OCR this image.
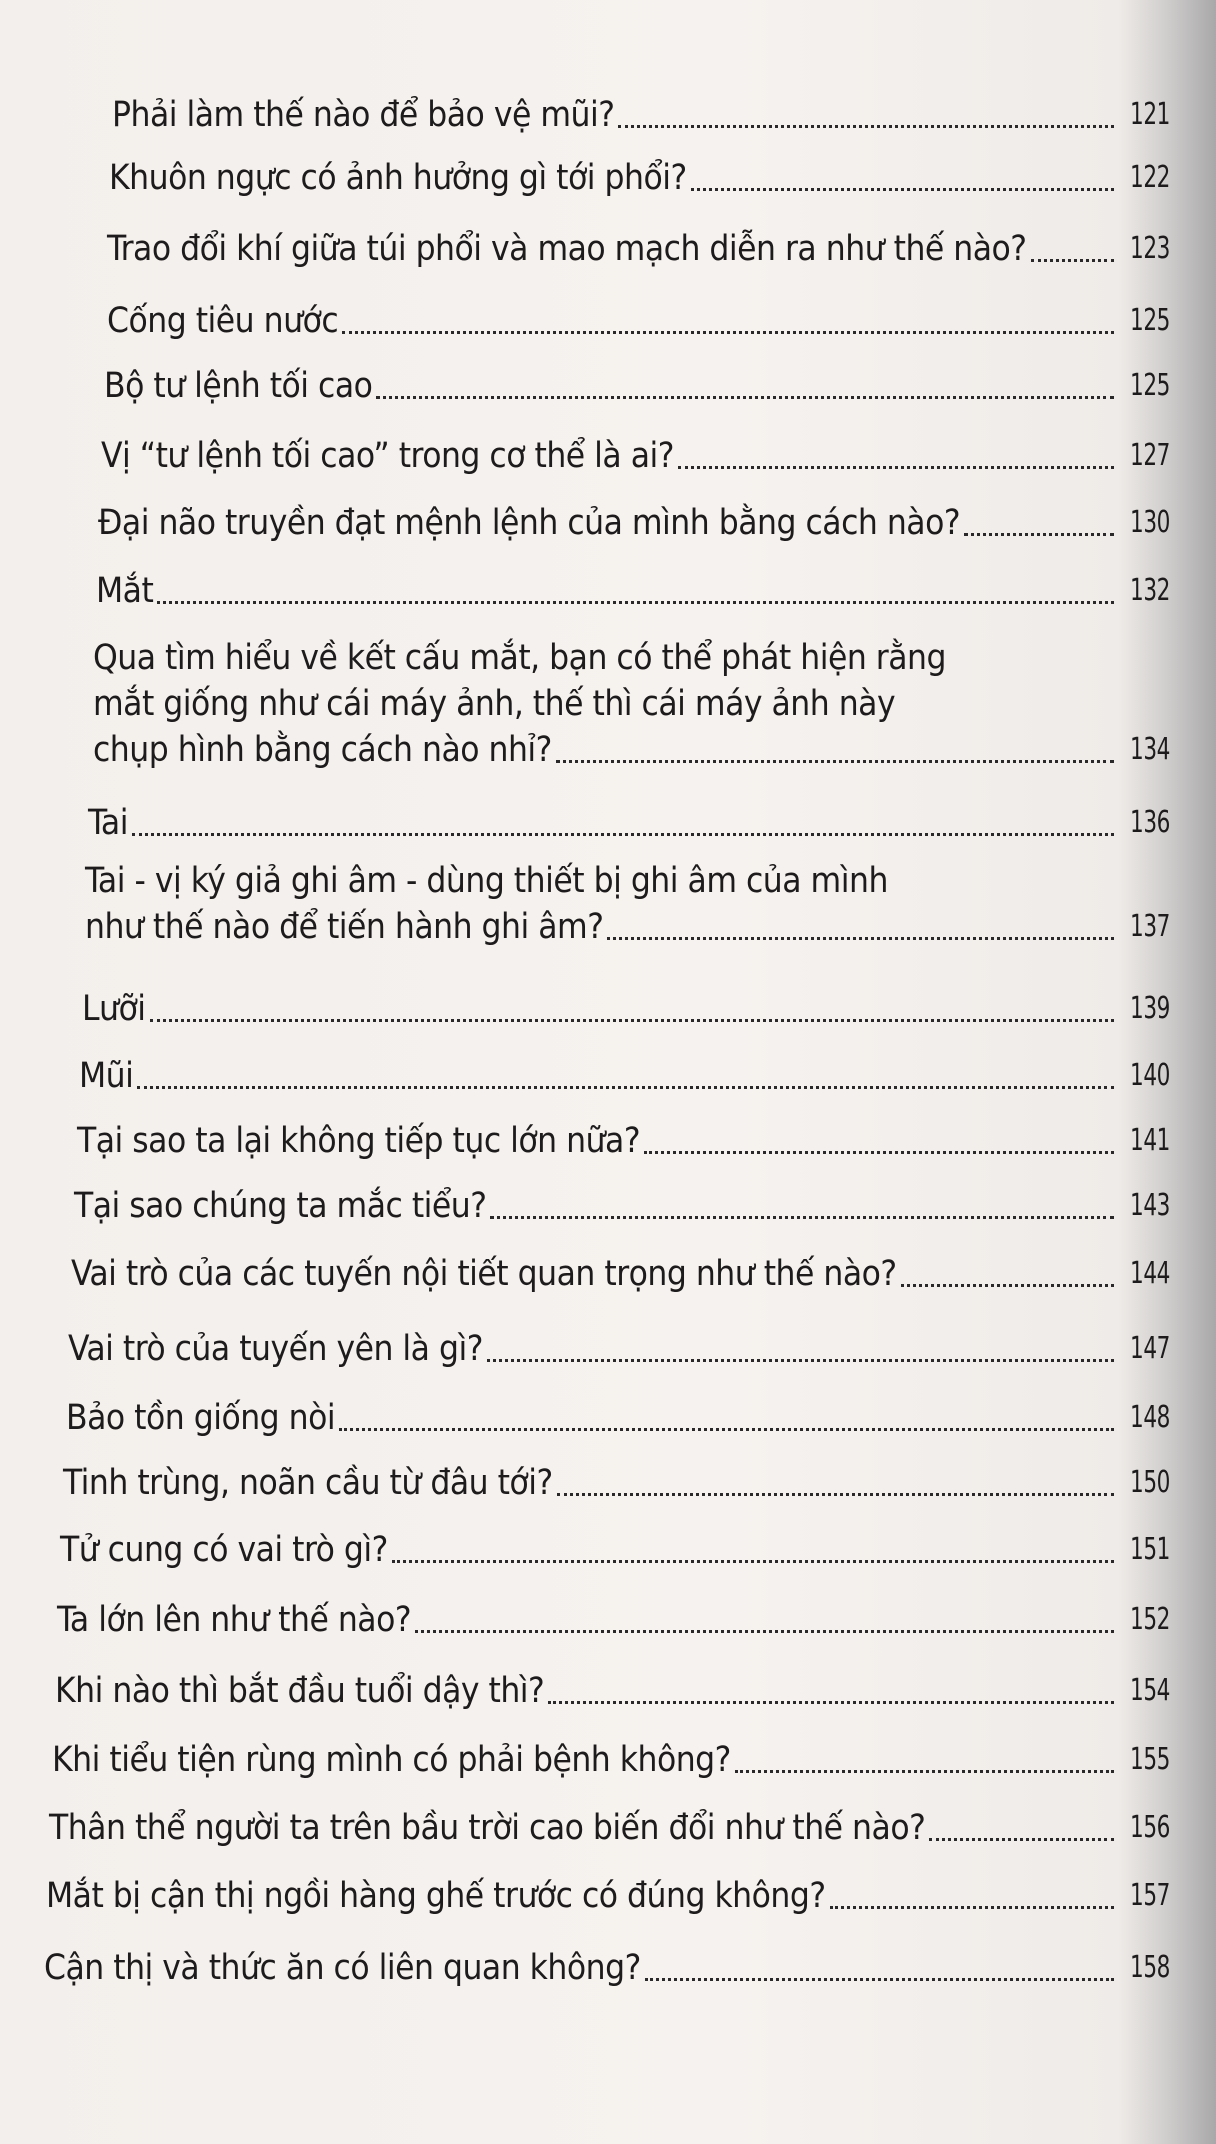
Phải làm thế nào để bảo vệ mũi?	121
Khuôn ngực có ảnh hưởng gì tới phổi?	122
Trao đổi khí giữa túi phổi và mao mạch diễn ra như thế nào?	123
Cống tiêu nước	125
Bộ tư lệnh tối cao	125
Vị “tư lệnh tối cao” trong cơ thể là ai?	127
Đại não truyền đạt mệnh lệnh của mình bằng cách nào?	130
Mắt	132
Qua tìm hiểu về kết cấu mắt, bạn có thể phát hiện rằng
mắt giống như cái máy ảnh, thế thì cái máy ảnh này
chụp hình bằng cách nào nhỉ?	134
Tai	136
Tai - vị ký giả ghi âm - dùng thiết bị ghi âm của mình
như thế nào để tiến hành ghi âm?	137
Lưỡi	139
Mũi	140
Tại sao ta lại không tiếp tục lớn nữa?	141
Tại sao chúng ta mắc tiểu?	143
Vai trò của các tuyến nội tiết quan trọng như thế nào?	144
Vai trò của tuyến yên là gì?	147
Bảo tồn giống nòi	148
Tinh trùng, noãn cầu từ đâu tới?	150
Tử cung có vai trò gì?	151
Ta lớn lên như thế nào?	152
Khi nào thì bắt đầu tuổi dậy thì?	154
Khi tiểu tiện rùng mình có phải bệnh không?	155
Thân thể người ta trên bầu trời cao biến đổi như thế nào?	156
Mắt bị cận thị ngồi hàng ghế trước có đúng không?	157
Cận thị và thức ăn có liên quan không?	158
